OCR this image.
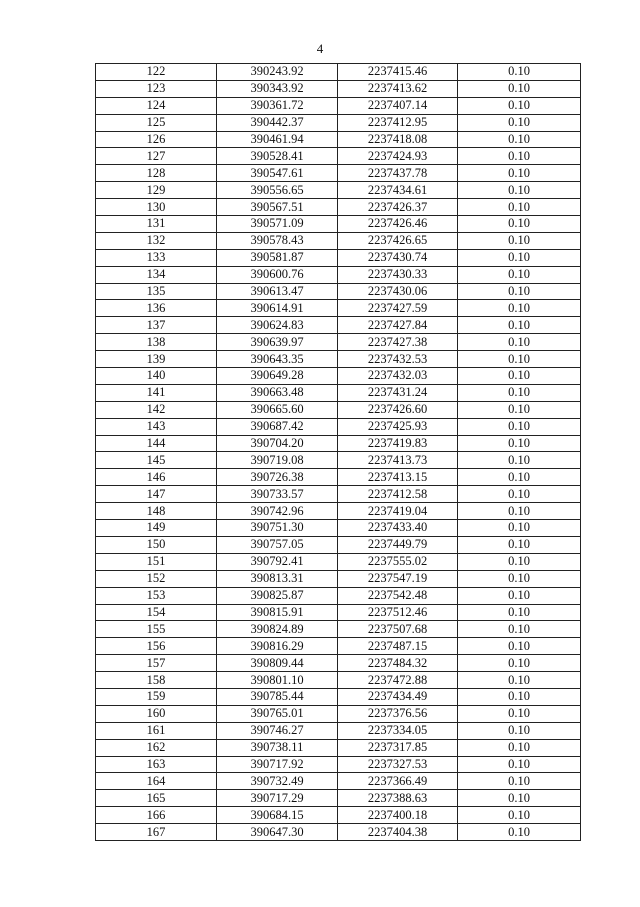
4
122	390243.92	2237415.46	0.10
123	390343.92	2237413.62	0.10
124	390361.72	2237407.14	0.10
125	390442.37	2237412.95	0.10
126	390461.94	2237418.08	0.10
127	390528.41	2237424.93	0.10
128	390547.61	2237437.78	0.10
129	390556.65	2237434.61	0.10
130	390567.51	2237426.37	0.10
131	390571.09	2237426.46	0.10
132	390578.43	2237426.65	0.10
133	390581.87	2237430.74	0.10
134	390600.76	2237430.33	0.10
135	390613.47	2237430.06	0.10
136	390614.91	2237427.59	0.10
137	390624.83	2237427.84	0.10
138	390639.97	2237427.38	0.10
139	390643.35	2237432.53	0.10
140	390649.28	2237432.03	0.10
141	390663.48	2237431.24	0.10
142	390665.60	2237426.60	0.10
143	390687.42	2237425.93	0.10
144	390704.20	2237419.83	0.10
145	390719.08	2237413.73	0.10
146	390726.38	2237413.15	0.10
147	390733.57	2237412.58	0.10
148	390742.96	2237419.04	0.10
149	390751.30	2237433.40	0.10
150	390757.05	2237449.79	0.10
151	390792.41	2237555.02	0.10
152	390813.31	2237547.19	0.10
153	390825.87	2237542.48	0.10
154	390815.91	2237512.46	0.10
155	390824.89	2237507.68	0.10
156	390816.29	2237487.15	0.10
157	390809.44	2237484.32	0.10
158	390801.10	2237472.88	0.10
159	390785.44	2237434.49	0.10
160	390765.01	2237376.56	0.10
161	390746.27	2237334.05	0.10
162	390738.11	2237317.85	0.10
163	390717.92	2237327.53	0.10
164	390732.49	2237366.49	0.10
165	390717.29	2237388.63	0.10
166	390684.15	2237400.18	0.10
167	390647.30	2237404.38	0.10
